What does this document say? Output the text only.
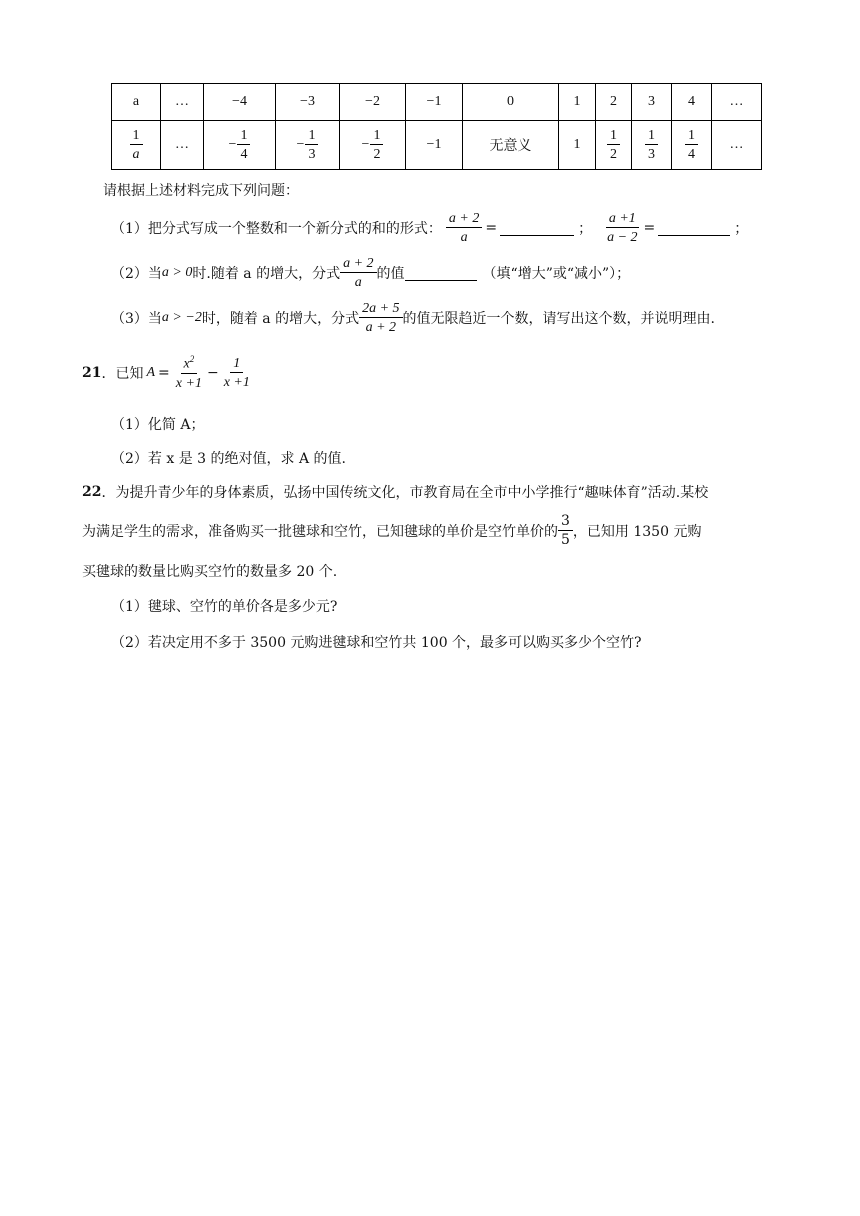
a	…	−4	−3	−2	−1	0	1	2	3	4	…

$\frac{1}{a}$	…	− $\frac{1}{4}$	− $\frac{1}{3}$	− $\frac{1}{2}$	−1	无意义	1	$\frac{1}{2}$	$\frac{1}{3}$	$\frac{1}{4}$	…
请根据上述材料完成下列问题：
（1）把分式写成一个整数和一个新分式的和的形式： $\frac{a + 2}{a}$ =	； $\frac{a +1}{a - 2}$ =	；
（2）当 a > 0 时.随着 a 的增大，分式 $\frac{a + 2}{a}$ 的值	（填“增大”或“减小”）；
（3）当 a > −2 时，随着 a 的增大，分式 $\frac{2a + 5}{a + 2}$ 的值无限趋近一个数，请写出这个数，并说明理由.
21 ．已知 $A = \frac{x^2}{x +1} - \frac{1}{x +1}$
（1）化简 A；
（2）若 x 是 3 的绝对值，求 A 的值.
22 ．为提升青少年的身体素质，弘扬中国传统文化，市教育局在全市中小学推行“趣味体育”活动.某校
为满足学生的需求，准备购买一批毽球和空竹，已知毽球的单价是空竹单价的 $\frac{3}{5}$ ，已知用 1350 元购
买毽球的数量比购买空竹的数量多 20 个.
（1）毽球、空竹的单价各是多少元?
（2）若决定用不多于 3500 元购进毽球和空竹共 100 个，最多可以购买多少个空竹?
